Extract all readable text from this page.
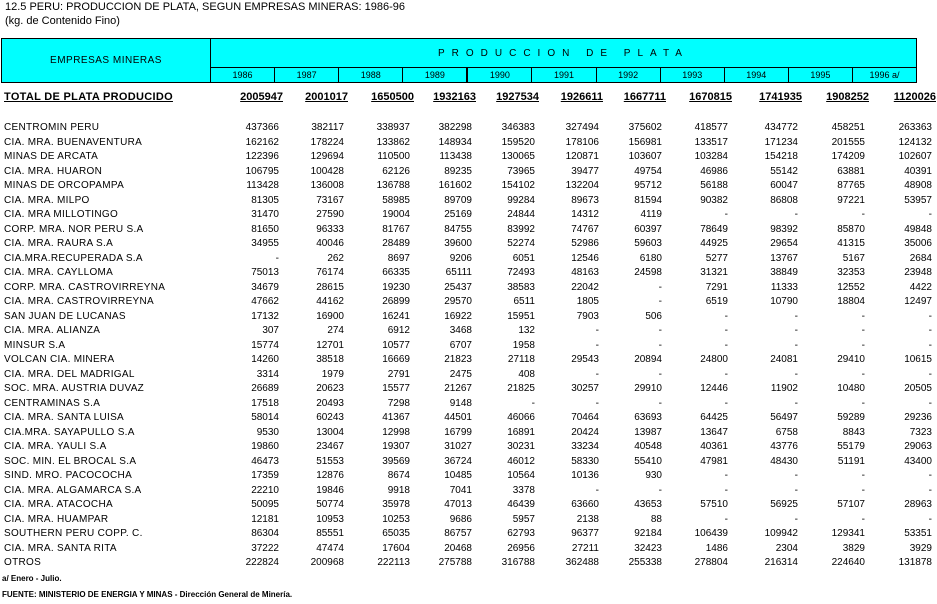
12.5 PERU: PRODUCCION DE PLATA, SEGUN EMPRESAS MINERAS: 1986-96
(kg. de Contenido Fino)
EMPRESAS MINERAS
PRODUCCION DE PLATA
1986	1987	1988	1989	1990	1991	1992	1993	1994	1995	1996 a/
TOTAL DE PLATA PRODUCIDO	2005947	2001017	1650500	1932163	1927534	1926611	1667711	1670815	1741935	1908252	1120026
CENTROMIN PERU	437366	382117	338937	382298	346383	327494	375602	418577	434772	458251	263363
CIA. MRA. BUENAVENTURA	162162	178224	133862	148934	159520	178106	156981	133517	171234	201555	124132
MINAS DE ARCATA	122396	129694	110500	113438	130065	120871	103607	103284	154218	174209	102607
CIA. MRA. HUARON	106795	100428	62126	89235	73965	39477	49754	46986	55142	63881	40391
MINAS DE ORCOPAMPA	113428	136008	136788	161602	154102	132204	95712	56188	60047	87765	48908
CIA. MRA. MILPO	81305	73167	58985	89709	99284	89673	81594	90382	86808	97221	53957
CIA. MRA MILLOTINGO	31470	27590	19004	25169	24844	14312	4119	-	-	-	-
CORP. MRA. NOR PERU S.A	81650	96333	81767	84755	83992	74767	60397	78649	98392	85870	49848
CIA. MRA. RAURA S.A	34955	40046	28489	39600	52274	52986	59603	44925	29654	41315	35006
CIA.MRA.RECUPERADA S.A	-	262	8697	9206	6051	12546	6180	5277	13767	5167	2684
CIA. MRA. CAYLLOMA	75013	76174	66335	65111	72493	48163	24598	31321	38849	32353	23948
CORP. MRA. CASTROVIRREYNA	34679	28615	19230	25437	38583	22042	-	7291	11333	12552	4422
CIA. MRA. CASTROVIRREYNA	47662	44162	26899	29570	6511	1805	-	6519	10790	18804	12497
SAN JUAN DE LUCANAS	17132	16900	16241	16922	15951	7903	506	-	-	-	-
CIA. MRA. ALIANZA	307	274	6912	3468	132	-	-	-	-	-	-
MINSUR S.A	15774	12701	10577	6707	1958	-	-	-	-	-	-
VOLCAN CIA. MINERA	14260	38518	16669	21823	27118	29543	20894	24800	24081	29410	10615
CIA. MRA. DEL MADRIGAL	3314	1979	2791	2475	408	-	-	-	-	-	-
SOC. MRA. AUSTRIA DUVAZ	26689	20623	15577	21267	21825	30257	29910	12446	11902	10480	20505
CENTRAMINAS S.A	17518	20493	7298	9148	-	-	-	-	-	-	-
CIA. MRA. SANTA LUISA	58014	60243	41367	44501	46066	70464	63693	64425	56497	59289	29236
CIA.MRA. SAYAPULLO S.A	9530	13004	12998	16799	16891	20424	13987	13647	6758	8843	7323
CIA. MRA. YAULI S.A	19860	23467	19307	31027	30231	33234	40548	40361	43776	55179	29063
SOC. MIN. EL BROCAL S.A	46473	51553	39569	36724	46012	58330	55410	47981	48430	51191	43400
SIND. MRO. PACOCOCHA	17359	12876	8674	10485	10564	10136	930	-	-	-	-
CIA. MRA. ALGAMARCA S.A	22210	19846	9918	7041	3378	-	-	-	-	-	-
CIA. MRA. ATACOCHA	50095	50774	35978	47013	46439	63660	43653	57510	56925	57107	28963
CIA. MRA. HUAMPAR	12181	10953	10253	9686	5957	2138	88	-	-	-	-
SOUTHERN PERU COPP. C.	86304	85551	65035	86757	62793	96377	92184	106439	109942	129341	53351
CIA. MRA. SANTA RITA	37222	47474	17604	20468	26956	27211	32423	1486	2304	3829	3929
OTROS	222824	200968	222113	275788	316788	362488	255338	278804	216314	224640	131878
a/ Enero - Julio.
FUENTE: MINISTERIO DE ENERGIA Y MINAS - Dirección General de Minería.
